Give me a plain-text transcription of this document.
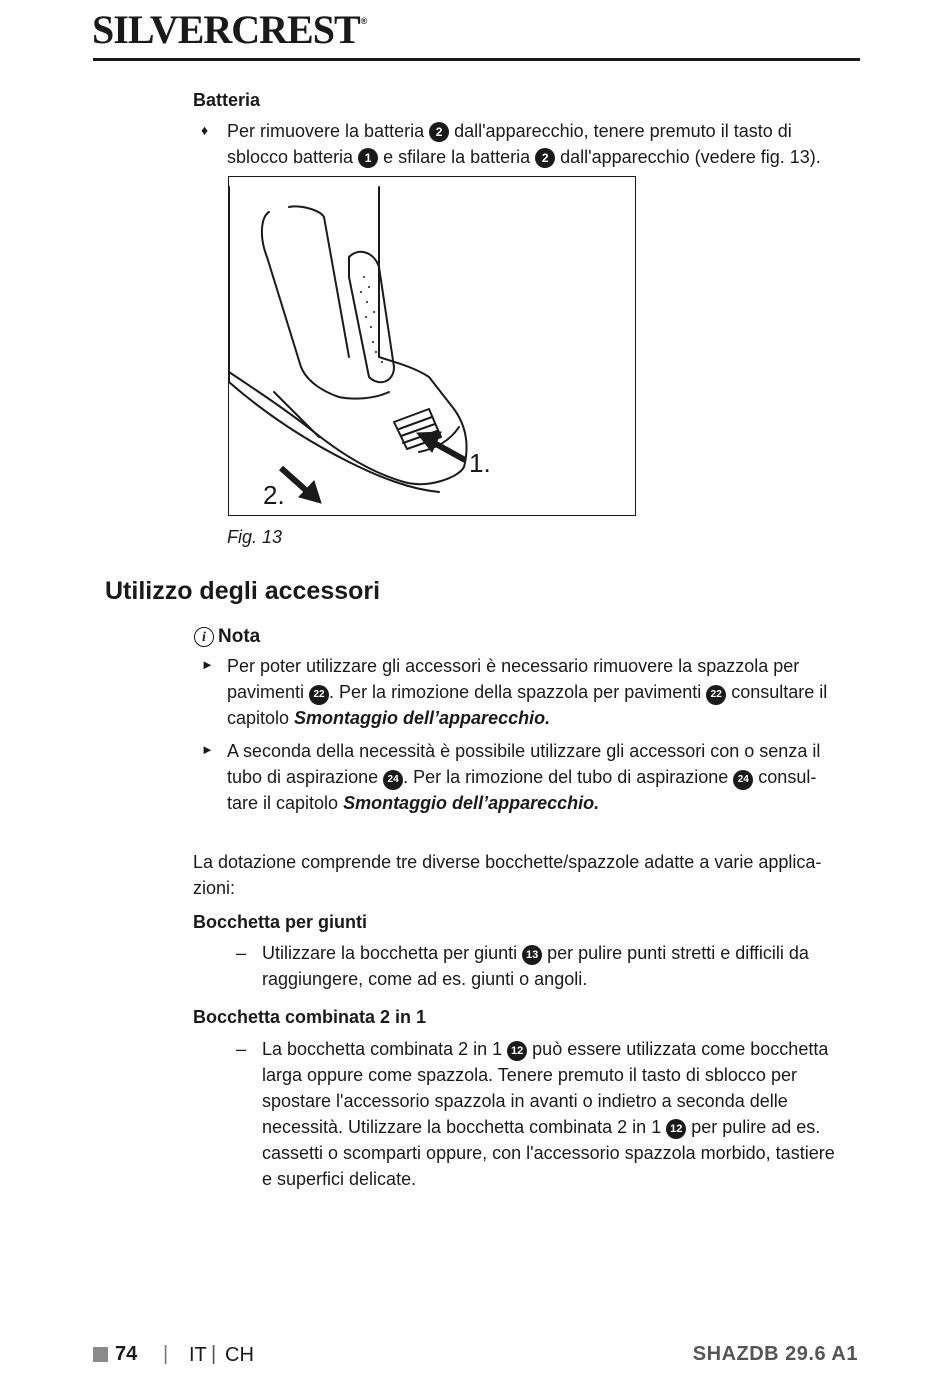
SILVERCREST®
Batteria
♦ Per rimuovere la batteria 2 dall'apparecchio, tenere premuto il tasto di
sblocco batteria 1 e sfilare la batteria 2 dall'apparecchio (vedere fig. 13).
1.
2.
Fig. 13
Utilizzo degli accessori
i Nota
► Per poter utilizzare gli accessori è necessario rimuovere la spazzola per
pavimenti 22 . Per la rimozione della spazzola per pavimenti 22 consultare il
capitolo Smontaggio dell’apparecchio.
► A seconda della necessità è possibile utilizzare gli accessori con o senza il
tubo di aspirazione 24 . Per la rimozione del tubo di aspirazione 24 consul-
tare il capitolo Smontaggio dell’apparecchio.
La dotazione comprende tre diverse bocchette/spazzole adatte a varie applica-
zioni:
Bocchetta per giunti
– Utilizzare la bocchetta per giunti 13 per pulire punti stretti e difficili da
raggiungere, come ad es. giunti o angoli.
Bocchetta combinata 2 in 1
– La bocchetta combinata 2 in 1 12 può essere utilizzata come bocchetta
larga oppure come spazzola. Tenere premuto il tasto di sblocco per
spostare l'accessorio spazzola in avanti o indietro a seconda delle
necessità. Utilizzare la bocchetta combinata 2 in 1 12 per pulire ad es.
cassetti o scomparti oppure, con l'accessorio spazzola morbido, tastiere
e superfici delicate.
74 | IT | CH	SHAZDB 29.6 A1
